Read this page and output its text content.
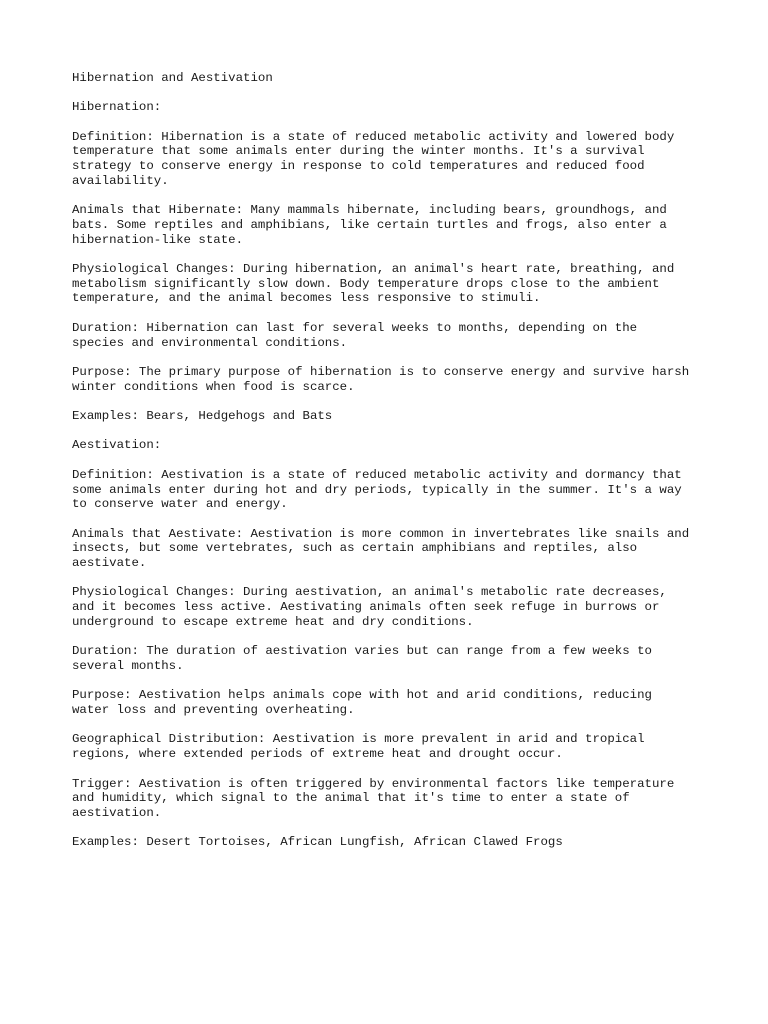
Hibernation and Aestivation

Hibernation:

Definition: Hibernation is a state of reduced metabolic activity and lowered body
temperature that some animals enter during the winter months. It's a survival
strategy to conserve energy in response to cold temperatures and reduced food
availability.

Animals that Hibernate: Many mammals hibernate, including bears, groundhogs, and
bats. Some reptiles and amphibians, like certain turtles and frogs, also enter a
hibernation-like state.

Physiological Changes: During hibernation, an animal's heart rate, breathing, and
metabolism significantly slow down. Body temperature drops close to the ambient
temperature, and the animal becomes less responsive to stimuli.

Duration: Hibernation can last for several weeks to months, depending on the
species and environmental conditions.

Purpose: The primary purpose of hibernation is to conserve energy and survive harsh
winter conditions when food is scarce.

Examples: Bears, Hedgehogs and Bats

Aestivation:

Definition: Aestivation is a state of reduced metabolic activity and dormancy that
some animals enter during hot and dry periods, typically in the summer. It's a way
to conserve water and energy.

Animals that Aestivate: Aestivation is more common in invertebrates like snails and
insects, but some vertebrates, such as certain amphibians and reptiles, also
aestivate.

Physiological Changes: During aestivation, an animal's metabolic rate decreases,
and it becomes less active. Aestivating animals often seek refuge in burrows or
underground to escape extreme heat and dry conditions.

Duration: The duration of aestivation varies but can range from a few weeks to
several months.

Purpose: Aestivation helps animals cope with hot and arid conditions, reducing
water loss and preventing overheating.

Geographical Distribution: Aestivation is more prevalent in arid and tropical
regions, where extended periods of extreme heat and drought occur.

Trigger: Aestivation is often triggered by environmental factors like temperature
and humidity, which signal to the animal that it's time to enter a state of
aestivation.

Examples: Desert Tortoises, African Lungfish, African Clawed Frogs
